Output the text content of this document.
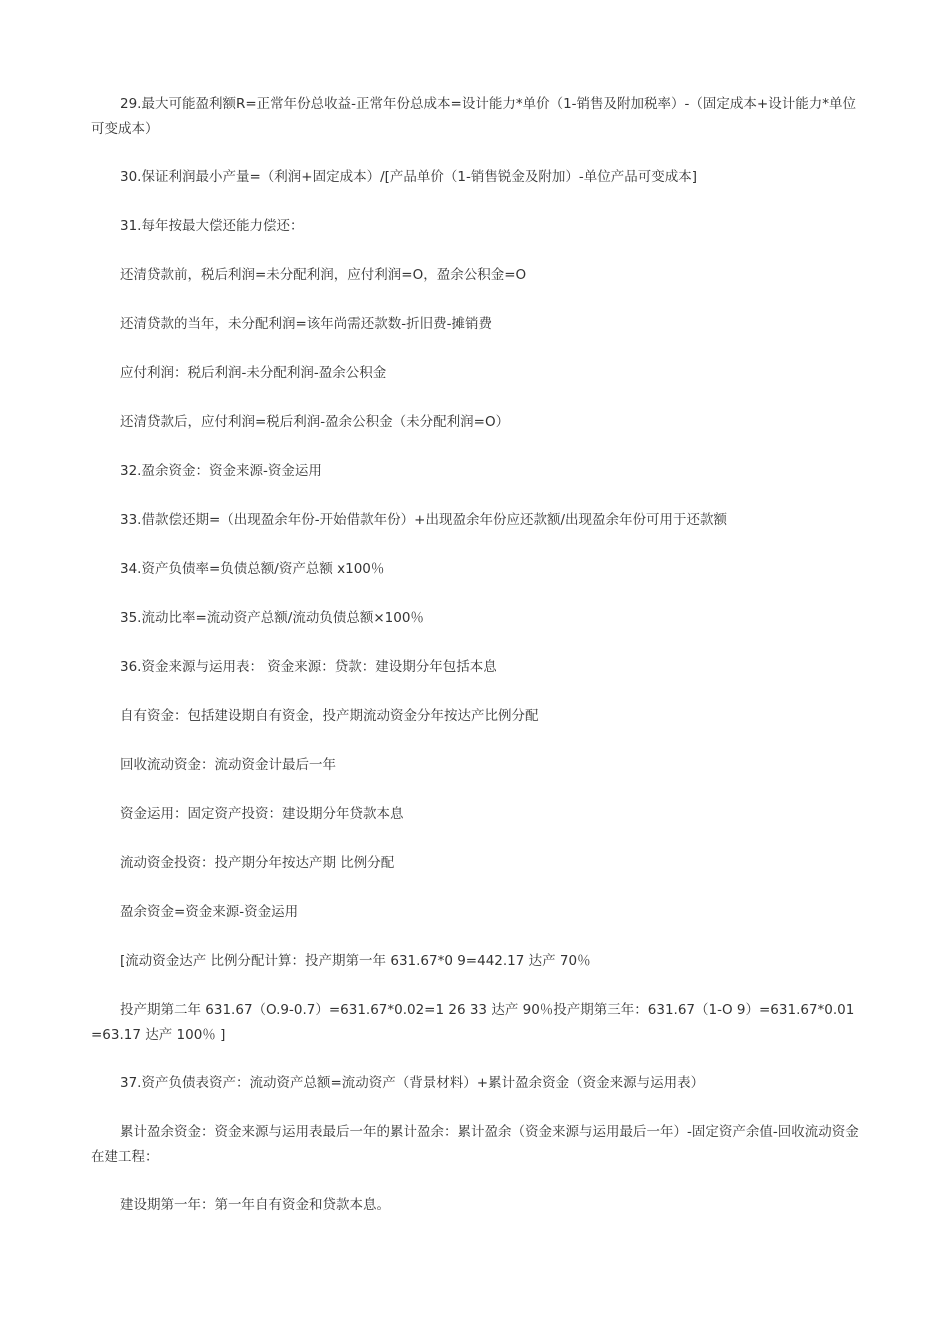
29.最大可能盈利额R=正常年份总收益-正常年份总成本=设计能力*单价（1-销售及附加税率）-（固定成本+设计能力*单位可变成本）

30.保证利润最小产量=（利润+固定成本）/[产品单价（1-销售锐金及附加）-单位产品可变成本]

31.每年按最大偿还能力偿还：

还清贷款前，税后利润=未分配利润，应付利润=O，盈余公积金=O

还清贷款的当年，未分配利润=该年尚需还款数-折旧费-摊销费

应付利润：税后利润-未分配利润-盈余公积金

还清贷款后，应付利润=税后利润-盈余公积金（未分配利润=O）

32.盈余资金：资金来源-资金运用

33.借款偿还期=（出现盈余年份-开始借款年份）+出现盈余年份应还款额/出现盈余年份可用于还款额

34.资产负债率=负债总额/资产总额 x100％

35.流动比率=流动资产总额/流动负债总额×100％

36.资金来源与运用表： 资金来源：贷款：建设期分年包括本息

自有资金：包括建设期自有资金，投产期流动资金分年按达产比例分配

回收流动资金：流动资金计最后一年

资金运用：固定资产投资：建设期分年贷款本息

流动资金投资：投产期分年按达产期 比例分配

盈余资金=资金来源-资金运用

[流动资金达产 比例分配计算：投产期第一年 631.67*0 9=442.17 达产 70％

投产期第二年 631.67（O.9-0.7）=631.67*0.02=1 26 33 达产 90％投产期第三年：631.67（1-O 9）=631.67*0.01=63.17 达产 100％ ]

37.资产负债表资产：流动资产总额=流动资产（背景材料）+累计盈余资金（资金来源与运用表）

累计盈余资金：资金来源与运用表最后一年的累计盈余：累计盈余（资金来源与运用最后一年）-固定资产余值-回收流动资金在建工程：

建设期第一年：第一年自有资金和贷款本息。
